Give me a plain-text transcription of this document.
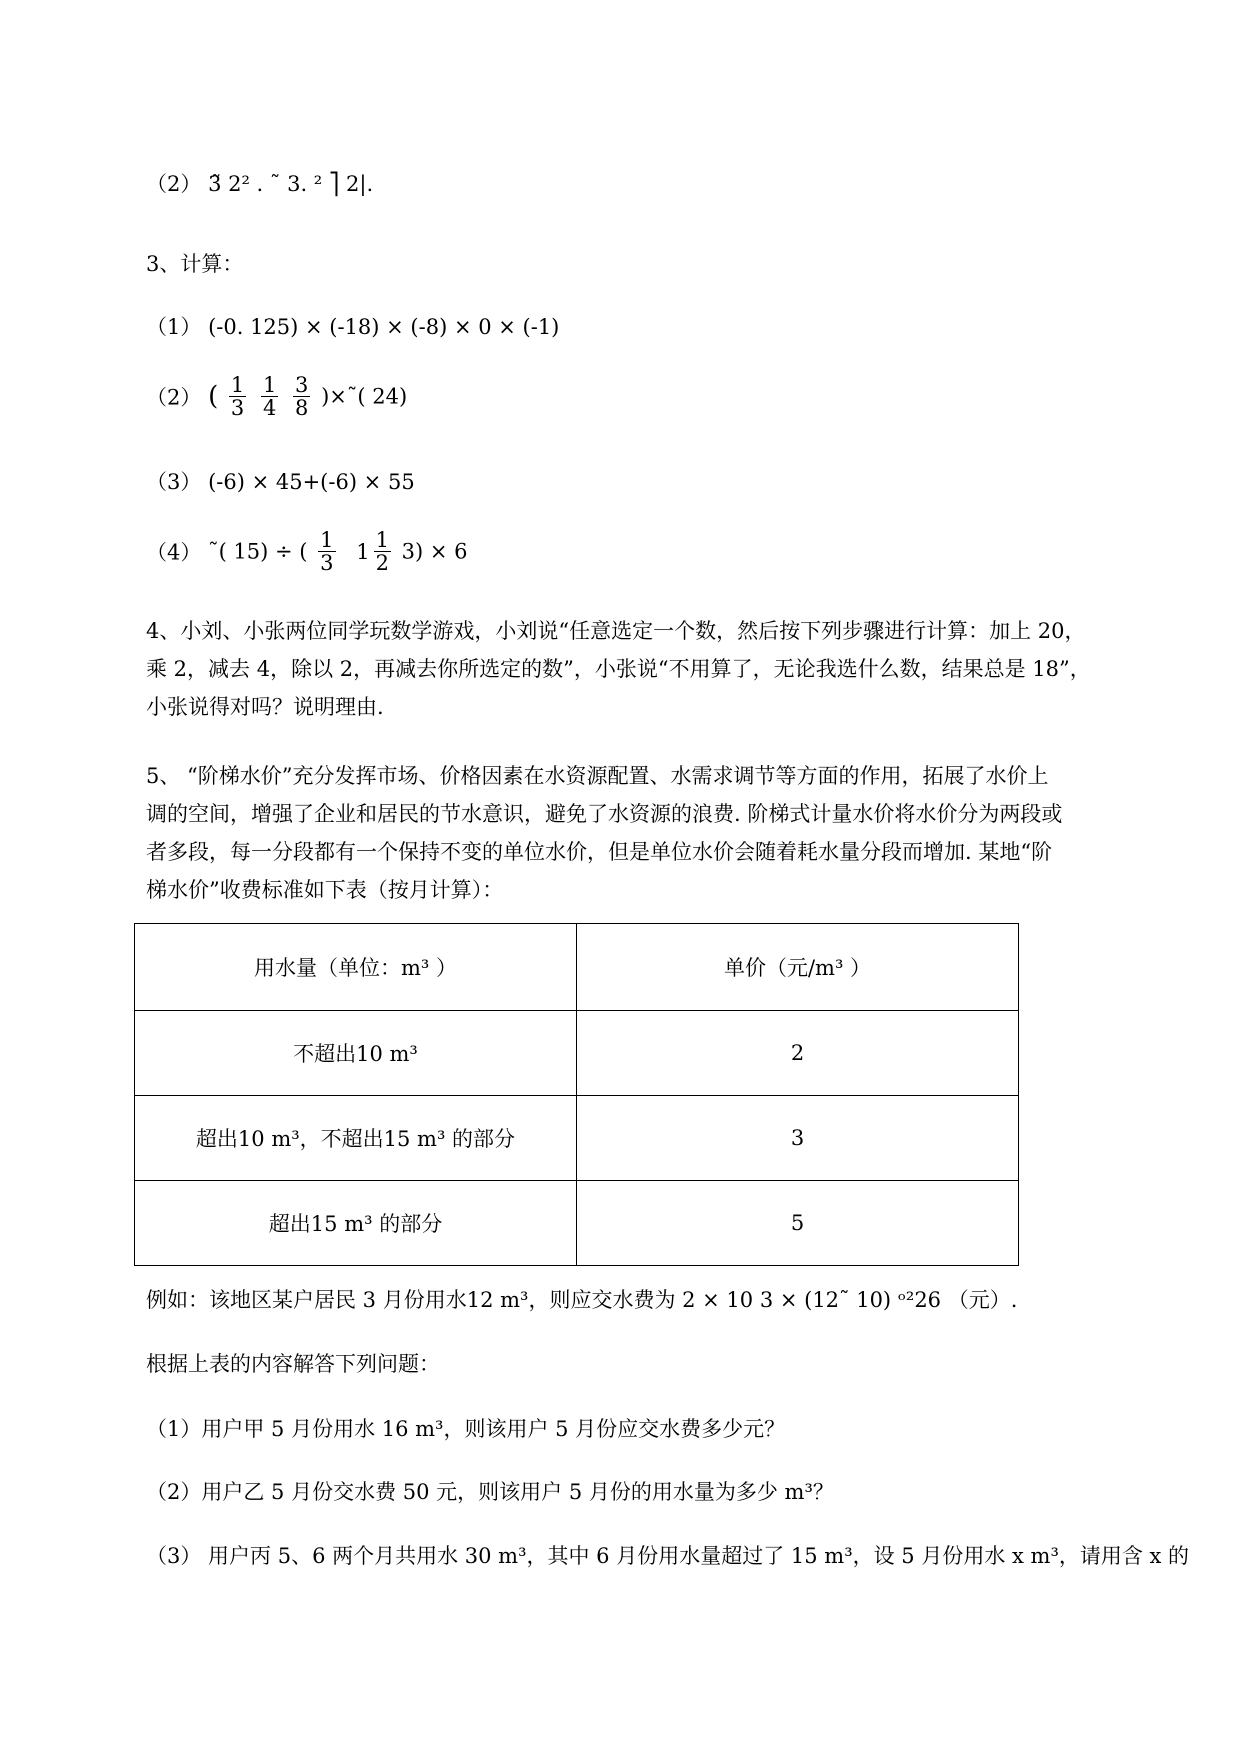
（2） 3̃ 2² . ˜ 3. ² ⎤ 2|.
3、计算：
（1） (-0. 125) × (-18) × (-8) × 0 × (-1)
（2） ( $\frac{1}{3}$
$\frac{1}{4}$
$\frac{3}{8}$ )×˜( 24)
（3） (-6) × 45+(-6) × 55
（4） ˜( 15) ÷ ( $\frac{1}{3} 1 \frac{1}{2} 3) \times 6$
4、小刘、小张两位同学玩数学游戏，小刘说“任意选定一个数，然后按下列步骤进行计算：加上 20，
乘 2，减去 4，除以 2，再减去你所选定的数”，小张说“不用算了，无论我选什么数，结果总是 18”，
小张说得对吗？说明理由.
5、 “阶梯水价”充分发挥市场、价格因素在水资源配置、水需求调节等方面的作用，拓展了水价上
调的空间，增强了企业和居民的节水意识，避免了水资源的浪费. 阶梯式计量水价将水价分为两段或
者多段，每一分段都有一个保持不变的单位水价，但是单位水价会随着耗水量分段而增加. 某地“阶
梯水价”收费标准如下表（按月计算）：
用水量（单位：m³ ）	单价（元/m³ ）
不超出10 m³	2
超出10 m³，不超出15 m³ 的部分	3
超出15 m³ 的部分	5
例如：该地区某户居民 3 月份用水12 m³，则应交水费为 2 × 10 3 × (12˜ 10) ᵒ²26 （元）.
根据上表的内容解答下列问题：
（1）用户甲 5 月份用水 16 m³，则该用户 5 月份应交水费多少元？
（2）用户乙 5 月份交水费 50 元，则该用户 5 月份的用水量为多少 m³？
（3） 用户丙 5、6 两个月共用水 30 m³，其中 6 月份用水量超过了 15 m³，设 5 月份用水 x m³，请用含 x 的
